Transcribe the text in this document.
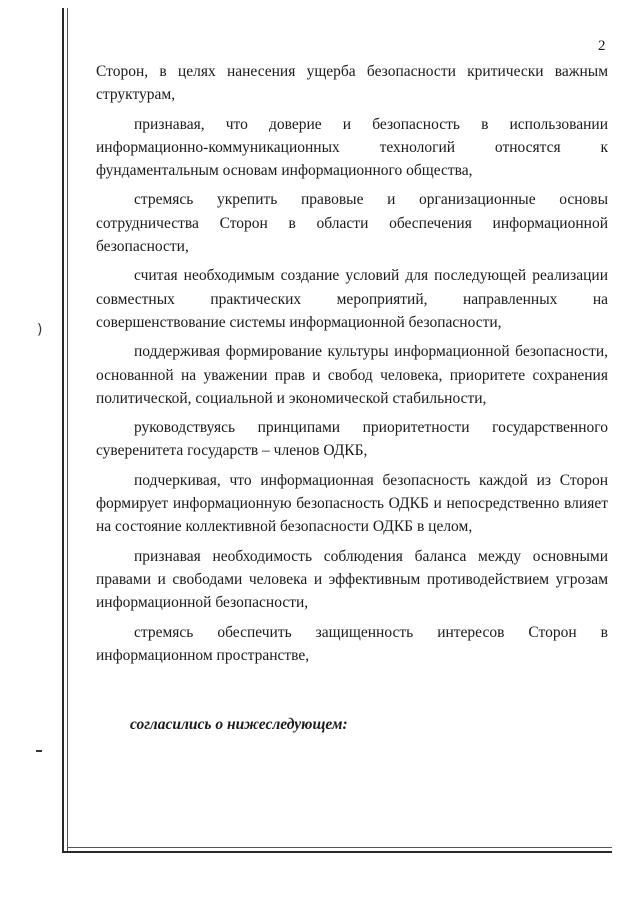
2

Сторон, в целях нанесения ущерба безопасности критически важным структурам,

признавая, что доверие и безопасность в использовании информационно-коммуникационных технологий относятся к фундаментальным основам информационного общества,

стремясь укрепить правовые и организационные основы сотрудничества Сторон в области обеспечения информационной безопасности,

считая необходимым создание условий для последующей реализации совместных практических мероприятий, направленных на совершенствование системы информационной безопасности,

поддерживая формирование культуры информационной безопасности, основанной на уважении прав и свобод человека, приоритете сохранения политической, социальной и экономической стабильности,

руководствуясь принципами приоритетности государственного суверенитета государств – членов ОДКБ,

подчеркивая, что информационная безопасность каждой из Сторон формирует информационную безопасность ОДКБ и непосредственно влияет на состояние коллективной безопасности ОДКБ в целом,

признавая необходимость соблюдения баланса между основными правами и свободами человека и эффективным противодействием угрозам информационной безопасности,

стремясь обеспечить защищенность интересов Сторон в информационном пространстве,

согласились о нижеследующем:
)
